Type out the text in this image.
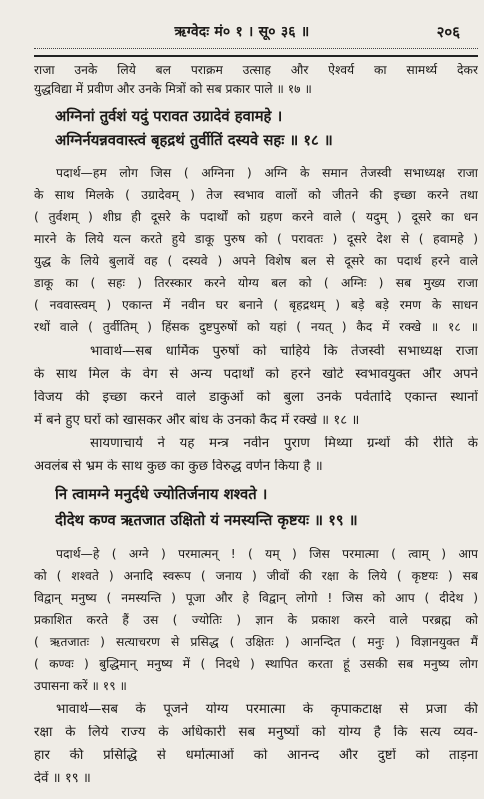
ऋग्वेदः मं० १ । सू० ३६ ॥	२०६
राजा उनके लिये बल पराक्रम उत्साह और ऐश्वर्य का सामर्थ्य देकर
युद्धविद्या में प्रवीण और उनके मित्रों को सब प्रकार पाले ॥ १७ ॥
अग्निनां तुर्वशं यदुं परावत उग्रादेवं हवामहे ।
अग्निर्नयन्नववास्त्वं बृहद्रथं तुर्वीतिं दस्यवे सहः ॥ १८ ॥
पदार्थ—हम लोग जिस ( अग्निना ) अग्नि के समान तेजस्वी सभाध्यक्ष राजा
के साथ मिलके ( उग्रादेवम् ) तेज स्वभाव वालों को जीतने की इच्छा करने तथा
( तुर्वशम् ) शीघ्र ही दूसरे के पदार्थों को ग्रहण करने वाले ( यदुम् ) दूसरे का धन
मारने के लिये यत्न करते हुये डाकू पुरुष को ( परावतः ) दूसरे देश से ( हवामहे )
युद्ध के लिये बुलावें वह ( दस्यवे ) अपने विशेष बल से दूसरे का पदार्थ हरने वाले
डाकू का ( सहः ) तिरस्कार करने योग्य बल को ( अग्निः ) सब मुख्य राजा
( नववास्त्वम् ) एकान्त में नवीन घर बनाने ( बृहद्रथम् ) बड़े बड़े रमण के साधन
रथों वाले ( तुर्वीतिम् ) हिंसक दुष्टपुरुषों को यहां ( नयत् ) कैद में रक्खे ॥ १८ ॥
भावार्थ—सब धार्मिक पुरुषों को चाहिये कि तेजस्वी सभाध्यक्ष राजा
के साथ मिल के वेग से अन्य पदार्थों को हरने खोटे स्वभावयुक्त और अपने
विजय की इच्छा करने वाले डाकुओं को बुला उनके पर्वतादि एकान्त स्थानों
में बने हुए घरों को खासकर और बांध के उनको कैद में रक्खे ॥ १८ ॥
सायणाचार्य ने यह मन्त्र नवीन पुराण मिथ्या ग्रन्थों की रीति के
अवलंब से भ्रम के साथ कुछ का कुछ विरुद्ध वर्णन किया है ॥
नि त्वामग्ने मनुर्दधे ज्योतिर्जनाय शश्वते ।
दीदेथ कण्व ऋतजात उक्षितो यं नमस्यन्ति कृष्टयः ॥ १९ ॥
पदार्थ—हे ( अग्ने ) परमात्मन् ! ( यम् ) जिस परमात्मा ( त्वाम् ) आप
को ( शश्वते ) अनादि स्वरूप ( जनाय ) जीवों की रक्षा के लिये ( कृष्टयः ) सब
विद्वान् मनुष्य ( नमस्यन्ति ) पूजा और हे विद्वान् लोगो ! जिस को आप ( दीदेथ )
प्रकाशित करते हैं उस ( ज्योतिः ) ज्ञान के प्रकाश करने वाले परब्रह्म को
( ऋतजातः ) सत्याचरण से प्रसिद्ध ( उक्षितः ) आनन्दित ( मनुः ) विज्ञानयुक्त मैं
( कण्वः ) बुद्धिमान् मनुष्य में ( निदधे ) स्थापित करता हूं उसकी सब मनुष्य लोग
उपासना करें ॥ १९ ॥
भावार्थ—सब के पूजने योग्य परमात्मा के कृपाकटाक्ष से प्रजा की
रक्षा के लिये राज्य के अधिकारी सब मनुष्यों को योग्य है कि सत्य व्यव-
हार की प्रसिद्धि से धर्मात्माओं को आनन्द और दुष्टों को ताड़ना
देवें ॥ १९ ॥
